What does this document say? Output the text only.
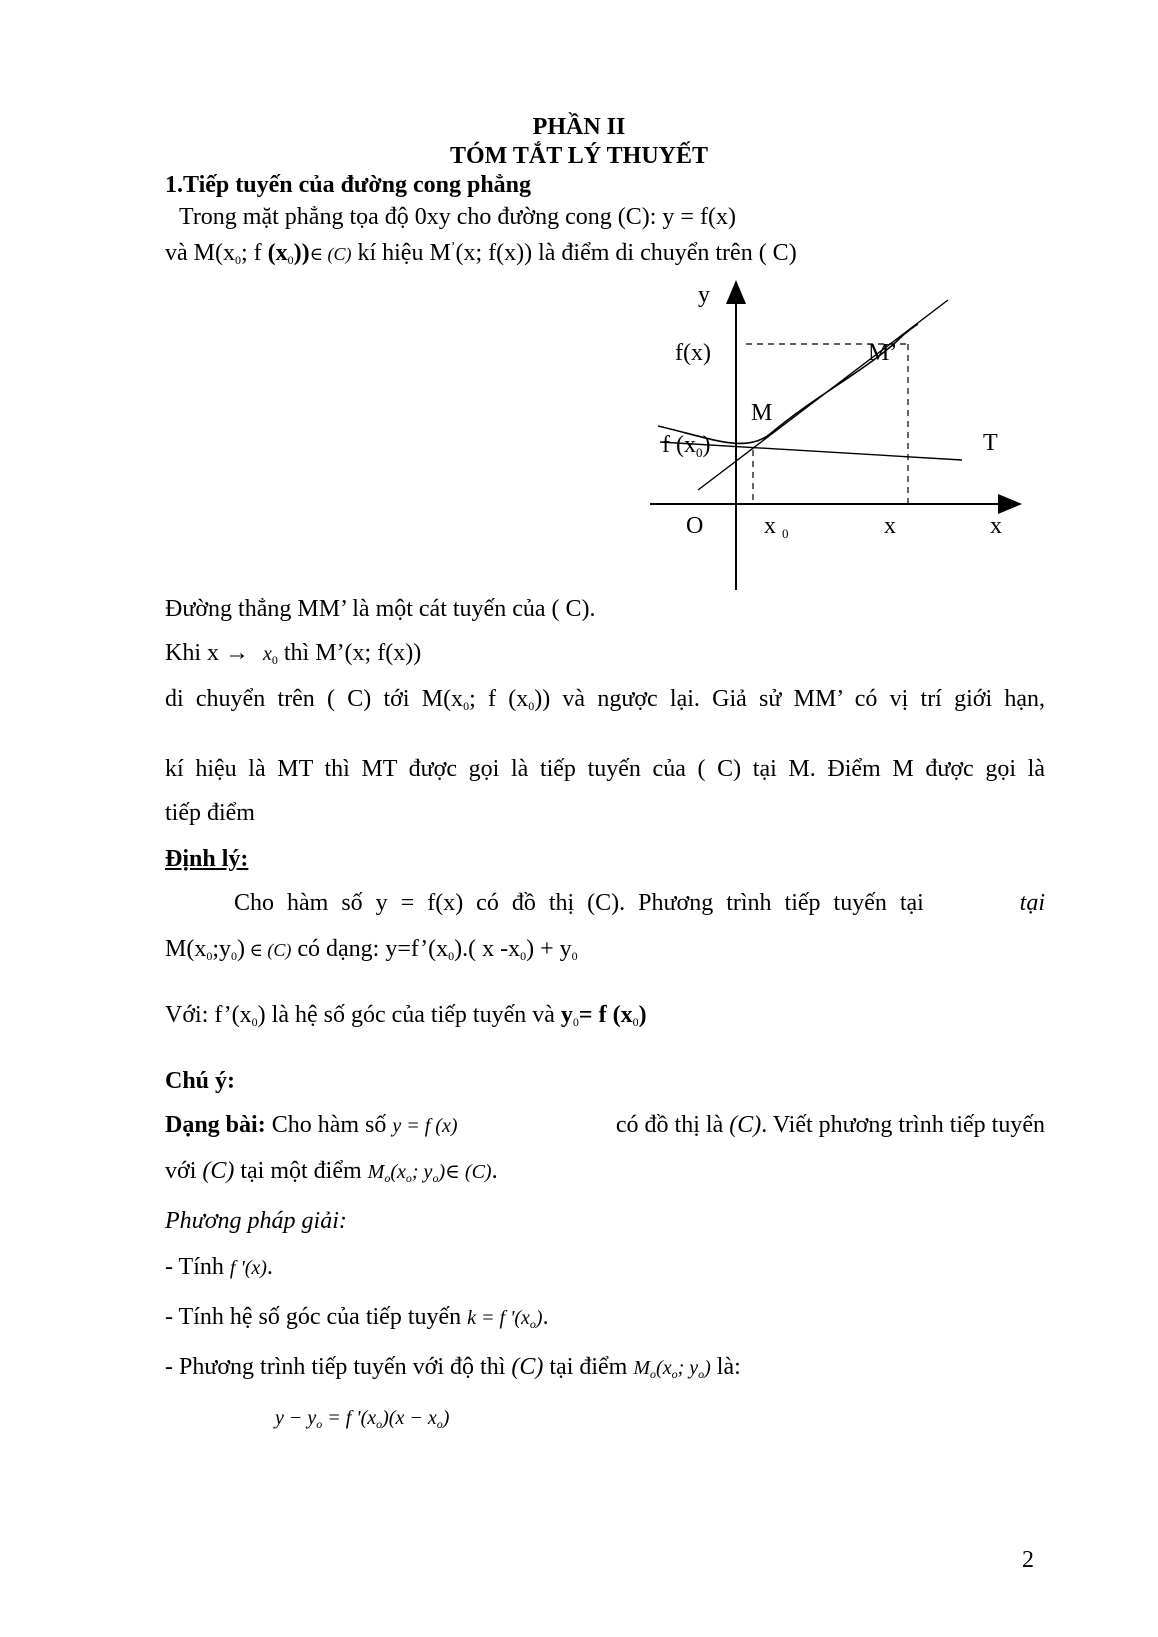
PHẦN II
TÓM TẮT LÝ THUYẾT
1.Tiếp tuyến của đường cong phẳng
Trong mặt phẳng tọa độ 0xy cho đường cong (C): y = f(x)
và $M(x_0$; f $(x_0))\in$ (C) kí hiệu M’(x; f(x)) là điểm di chuyển trên ( C)
y
f(x)	M’
M
f $(x_0)$	T
O	x $_0$	x	x
Đường thẳng MM’ là một cát tuyến của ( C).
Khi $x \to x_0$ thì M’(x; f(x))
di chuyển trên ( C) tới $M(x_0$; f $(x_0)$) và ngược lại. Giả sử MM’ có vị trí giới hạn,
kí hiệu là MT thì MT được gọi là tiếp tuyến của ( C) tại M. Điểm M được gọi là
tiếp điểm
Định lý:
Cho hàm số y = f(x) có đồ thị (C). Phương trình tiếp tuyến tại	tại
$M(x_0;y_0)$ ∈ (C) có dạng: $y=f’(x_0)$.( x $-x_0) + y_0$
Với: $f’(x_0)$ là hệ số góc của tiếp tuyến và $y_0= f$ $(x_0)$
Chú ý:
Dạng bài: Cho hàm số y = f (x)	có đồ thị là (C). Viết phương trình tiếp tuyến
với (C) tại một điểm $M_o(x_o$; $y_o)\in$ (C).
Phương pháp giải:
- Tính f '(x).
- Tính hệ số góc của tiếp tuyến k = f '$(x_o)$.
- Phương trình tiếp tuyến với độ thì (C) tại điểm $M_o(x_o$; $y_o$) là:
$y - y_o = f$ '$(x_o)(x - x_o)$
2
